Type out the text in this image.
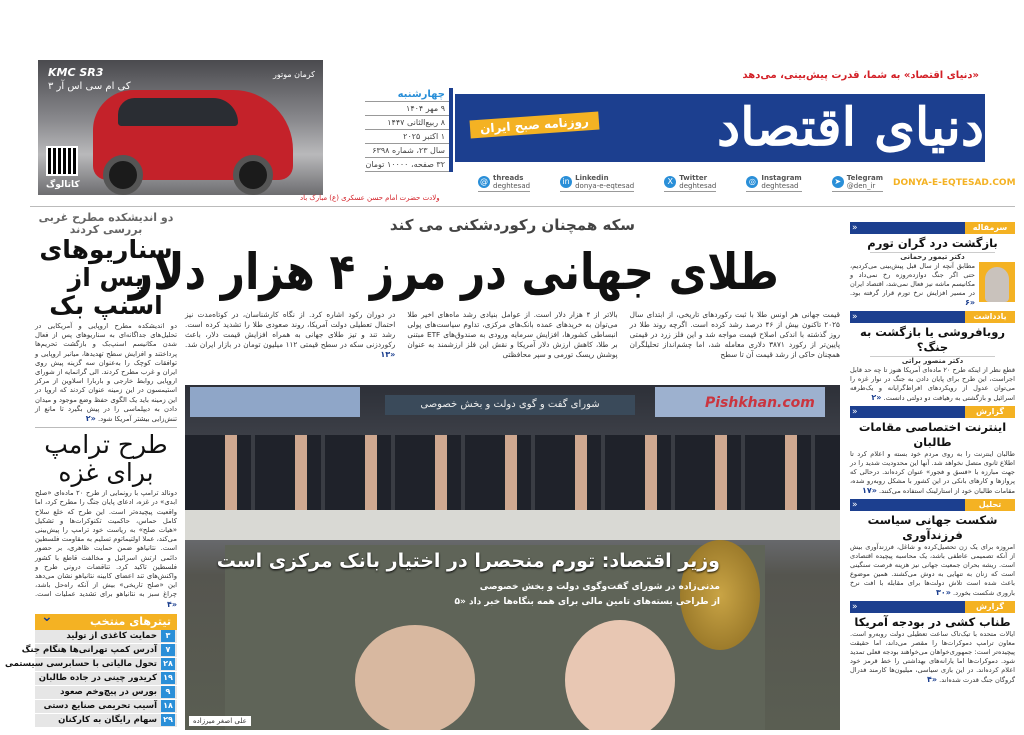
KMC SR3
کی ام سی اس آر ۳
کرمان موتور
کاتالوگ
چهارشنبه
۹ مهر ۱۴۰۴
۸ ربیع‌الثانی ۱۴۴۷
۱ اکتبر ۲۰۲۵
سال ۲۳، شماره ۶۳۹۸
۳۲ صفحه، ۱۰۰۰۰ تومان
دنیای اقتصاد
«دنیای اقتصاد» به شما، قدرت پیش‌بینی، می‌دهد
روزنامه صبح ایران
DONYA-E-EQTESAD.COM
➤ Telegram
@den_ir
◎ Instagram
deghtesad
X Twitter
deghtesad
in Linkedin
donya-e-eqtesad
@ threads
deghtesad
ولادت حضرت امام حسن عسکری (ع) مبارک باد
سکه همچنان رکوردشکنی می کند
طلای جهانی در مرز ۴ هزار دلار

قیمت جهانی هر اونس طلا با ثبت رکوردهای تاریخی، از ابتدای سال ۲۰۲۵ تاکنون بیش از ۴۶ درصد رشد کرده است. اگرچه روند طلا در روز گذشته با اندکی اصلاح قیمت مواجه شد و این فلز زرد در قیمتی پایین‌تر از رکورد ۳۸۷۱ دلاری معامله شد، اما چشم‌انداز تحلیلگران همچنان حاکی از رشد قیمت آن تا سطح

بالاتر از ۴ هزار دلار است. از عوامل بنیادی رشد ماه‌های اخیر طلا می‌توان به خریدهای عمده بانک‌های مرکزی، تداوم سیاست‌های پولی انبساطی کشورها، افزایش سرمایه ورودی به صندوق‌های ETF مبتنی بر طلا، کاهش ارزش دلار آمریکا و نقش این فلز ارزشمند به عنوان پوشش ریسک تورمی و سپر محافظتی

در دوران رکود اشاره کرد. از نگاه کارشناسان، در کوتاه‌مدت نیز احتمال تعطیلی دولت آمریکا، روند صعودی طلا را تشدید کرده است. رشد تند و تیز طلای جهانی به همراه افزایش قیمت دلار، باعث رکوردزنی سکه در سطح قیمتی ۱۱۲ میلیون تومان در بازار ایران شد. «۱۳

شورای گفت و گوی دولت و بخش خصوصی
وزیر اقتصاد: تورم منحصرا در اختیار بانک مرکزی است
مدنی‌زاده در شورای گفت‌وگوی دولت و بخش خصوصی
از طراحی بسته‌های تامین مالی برای همه بنگاه‌ها خبر داد «۵
علی اصغر میرزاده
Pishkhan.com
دو اندیشکده مطرح غربی بررسی کردند
سناریوهای پس از اسنپ بک
دو اندیشکده مطرح اروپایی و آمریکایی در تحلیل‌های جداگانه‌ای به سناریوهای پس از فعال شدن مکانیسم اسنپ‌بک و بازگشت تحریم‌ها پرداختند و افزایش سطح تهدیدها، میانبر اروپایی و توافقات کوچک را به‌عنوان سه گزینه پیش روی ایران و غرب مطرح کردند. الی گرانمایه از شورای اروپایی روابط خارجی و باربارا اسلاوین از مرکز استیمسون در این زمینه عنوان کردند که اروپا در این زمینه باید یک الگوی حفظ وضع موجود و میدان دادن به دیپلماسی را در پیش بگیرد تا مانع از تنش‌زایی بیشتر آمریکا شود. «۲
طرح ترامپ برای غزه
دونالد ترامپ با رونمایی از طرح ۲۰ ماده‌ای «صلح ابدی» در غزه، ادعای پایان جنگ را مطرح کرد، اما واقعیت پیچیده‌تر است. این طرح که خلع سلاح کامل حماس، حاکمیت تکنوکرات‌ها و تشکیل «هیات صلح» به ریاست خود ترامپ را پیش‌بینی می‌کند، عملا اولتیماتوم تسلیم به مقاومت فلسطین است. نتانیاهو ضمن حمایت ظاهری، بر حضور دائمی ارتش اسرائیل و مخالفت قاطع با کشور فلسطین تاکید کرد. تناقضات درونی طرح و واکنش‌های تند اعضای کابینه نتانیاهو نشان می‌دهد این «صلح تاریخی» بیش از آنکه راه‌حل باشد، چراغ سبز به نتانیاهو برای تشدید عملیات است. «۴
تیترهای منتخب
⌄
۳
حمایت کاغذی از تولید
۷
آدرس کمپ تهرانی‌ها هنگام جنگ
۲۸
تحول مالیاتی با حسابرسی سیستمی
۱۹
کریدور چینی در جاده طالبان
۹
بورس در پیچ‌وخم صعود
۱۸
آسیب تحریمی صنایع دستی
۲۹
سهام رایگان به کارکنان
سرمقاله
«
بازگشت درد گران تورم
دکتر تیمور رحمانی
مطابق آنچه از سال قبل پیش‌بینی می‌کردیم، حتی اگر جنگ دوازده‌روزه رخ نمی‌داد و مکانیسم ماشه نیز فعال نمی‌شد، اقتصاد ایران در مسیر افزایش نرخ تورم قرار گرفته بود. «۶
یادداشت
«
رویافروشی یا بازگشت به جنگ؟
دکتر منصور براتی
قطع نظر از اینکه طرح ۲۰ ماده‌ای آمریکا هنوز تا چه حد قابل اجراست، این طرح برای پایان دادن به جنگ در نوار غزه را می‌توان عدول از رویکردهای افراط‌گرایانه و یک‌طرفه اسرائیل و بازگشتی به رهیافت دو دولتی دانست. «۲
گزارش
«
اینترنت اختصاصی مقامات طالبان
طالبان اینترنت را به روی مردم خود بسته و اعلام کرد تا اطلاع ثانوی متصل نخواهد شد. آنها این محدودیت شدید را در جهت مبارزه با «فسق و فجور» عنوان کرده‌اند. درحالی که پروازها و کارهای بانکی در این کشور با مشکل روبه‌رو شده، مقامات طالبان خود از استارلینک استفاده می‌کنند. «۱۷
تحلیل
«
شکست جهانی سیاست فرزندآوری
امروزه برای یک زن تحصیل‌کرده و شاغل، فرزندآوری بیش از آنکه تصمیمی عاطفی باشد، یک محاسبه پیچیده اقتصادی است. ریشه بحران جمعیت جهانی نیز هزینه فرصت سنگینی است که زنان به تنهایی به دوش می‌کشند. همین موضوع باعث شده است تلاش دولت‌ها برای مقابله با افت نرخ باروری شکست بخورد. «۳۰
گزارش
«
طناب کشی در بودجه آمریکا
ایالات متحده با تیک‌تاک ساعت تعطیلی دولت روبه‌رو است. معاون ترامپ دموکرات‌ها را مقصر می‌داند، اما حقیقت پیچیده‌تر است: جمهوری‌خواهان می‌خواهند بودجه فعلی تمدید شود. دموکرات‌ها اما یارانه‌های بهداشتی را خط قرمز خود اعلام کرده‌اند. در این بازی سیاسی، میلیون‌ها کارمند فدرال گروگان جنگ قدرت شده‌اند. «۴
